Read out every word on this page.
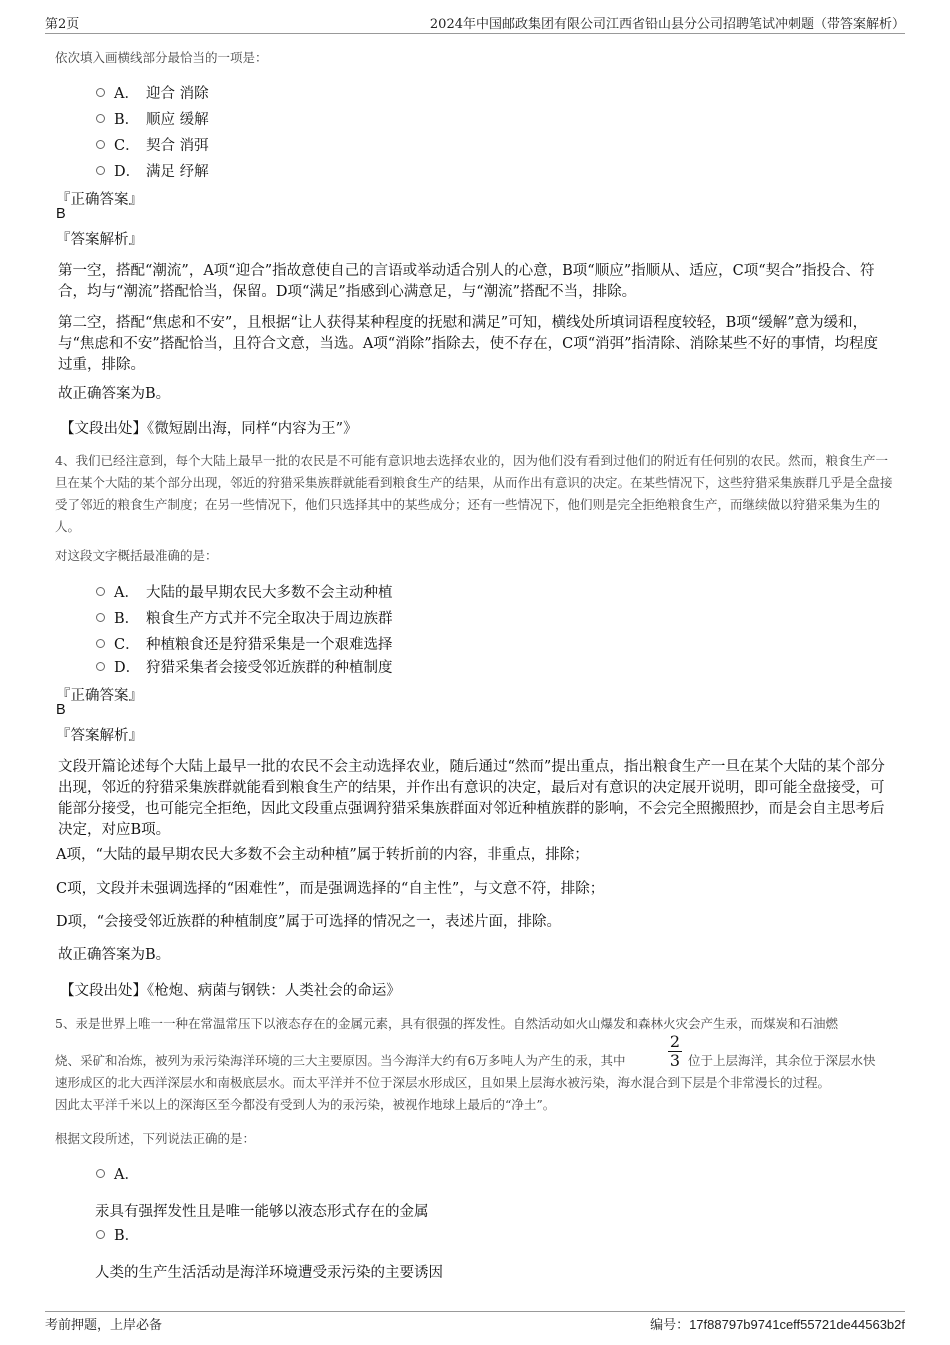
第2页	2024年中国邮政集团有限公司江西省铅山县分公司招聘笔试冲刺题（带答案解析）
依次填入画横线部分最恰当的一项是：
A． 迎合 消除
B． 顺应 缓解
C． 契合 消弭
D． 满足 纾解
『正确答案』
B
『答案解析』
第一空，搭配“潮流”，A项“迎合”指故意使自己的言语或举动适合别人的心意，B项“顺应”指顺从、适应，C项“契合”指投合、符合，均与“潮流”搭配恰当，保留。D项“满足”指感到心满意足，与“潮流”搭配不当，排除。
第二空，搭配“焦虑和不安”，且根据“让人获得某种程度的抚慰和满足”可知，横线处所填词语程度较轻，B项“缓解”意为缓和，与“焦虑和不安”搭配恰当，且符合文意，当选。A项“消除”指除去，使不存在，C项“消弭”指清除、消除某些不好的事情，均程度过重，排除。
故正确答案为B。
【文段出处】《微短剧出海，同样“内容为王”》
4、我们已经注意到，每个大陆上最早一批的农民是不可能有意识地去选择农业的，因为他们没有看到过他们的附近有任何别的农民。然而，粮食生产一旦在某个大陆的某个部分出现，邻近的狩猎采集族群就能看到粮食生产的结果，从而作出有意识的决定。在某些情况下，这些狩猎采集族群几乎是全盘接受了邻近的粮食生产制度；在另一些情况下，他们只选择其中的某些成分；还有一些情况下，他们则是完全拒绝粮食生产，而继续做以狩猎采集为生的人。
对这段文字概括最准确的是：
A． 大陆的最早期农民大多数不会主动种植
B． 粮食生产方式并不完全取决于周边族群
C． 种植粮食还是狩猎采集是一个艰难选择
D． 狩猎采集者会接受邻近族群的种植制度
『正确答案』
B
『答案解析』
文段开篇论述每个大陆上最早一批的农民不会主动选择农业，随后通过“然而”提出重点，指出粮食生产一旦在某个大陆的某个部分出现，邻近的狩猎采集族群就能看到粮食生产的结果，并作出有意识的决定，最后对有意识的决定展开说明，即可能全盘接受，可能部分接受，也可能完全拒绝，因此文段重点强调狩猎采集族群面对邻近种植族群的影响，不会完全照搬照抄，而是会自主思考后决定，对应B项。
A项，“大陆的最早期农民大多数不会主动种植”属于转折前的内容，非重点，排除；
C项，文段并未强调选择的“困难性”，而是强调选择的“自主性”，与文意不符，排除；
D项，“会接受邻近族群的种植制度”属于可选择的情况之一，表述片面，排除。
故正确答案为B。
【文段出处】《枪炮、病菌与钢铁：人类社会的命运》
5、汞是世界上唯一一种在常温常压下以液态存在的金属元素，具有很强的挥发性。自然活动如火山爆发和森林火灾会产生汞，而煤炭和石油燃
烧、采矿和冶炼，被列为汞污染海洋环境的三大主要原因。当今海洋大约有6万多吨人为产生的汞，其中	$\frac{2}{3}$ 位于上层海洋，其余位于深层水快
速形成区的北大西洋深层水和南极底层水。而太平洋并不位于深层水形成区，且如果上层海水被污染，海水混合到下层是个非常漫长的过程。
因此太平洋千米以上的深海区至今都没有受到人为的汞污染，被视作地球上最后的“净土”。
根据文段所述，下列说法正确的是：
A．
汞具有强挥发性且是唯一能够以液态形式存在的金属
B．
人类的生产生活活动是海洋环境遭受汞污染的主要诱因
考前押题，上岸必备	编号：17f88797b9741ceff55721de44563b2f
